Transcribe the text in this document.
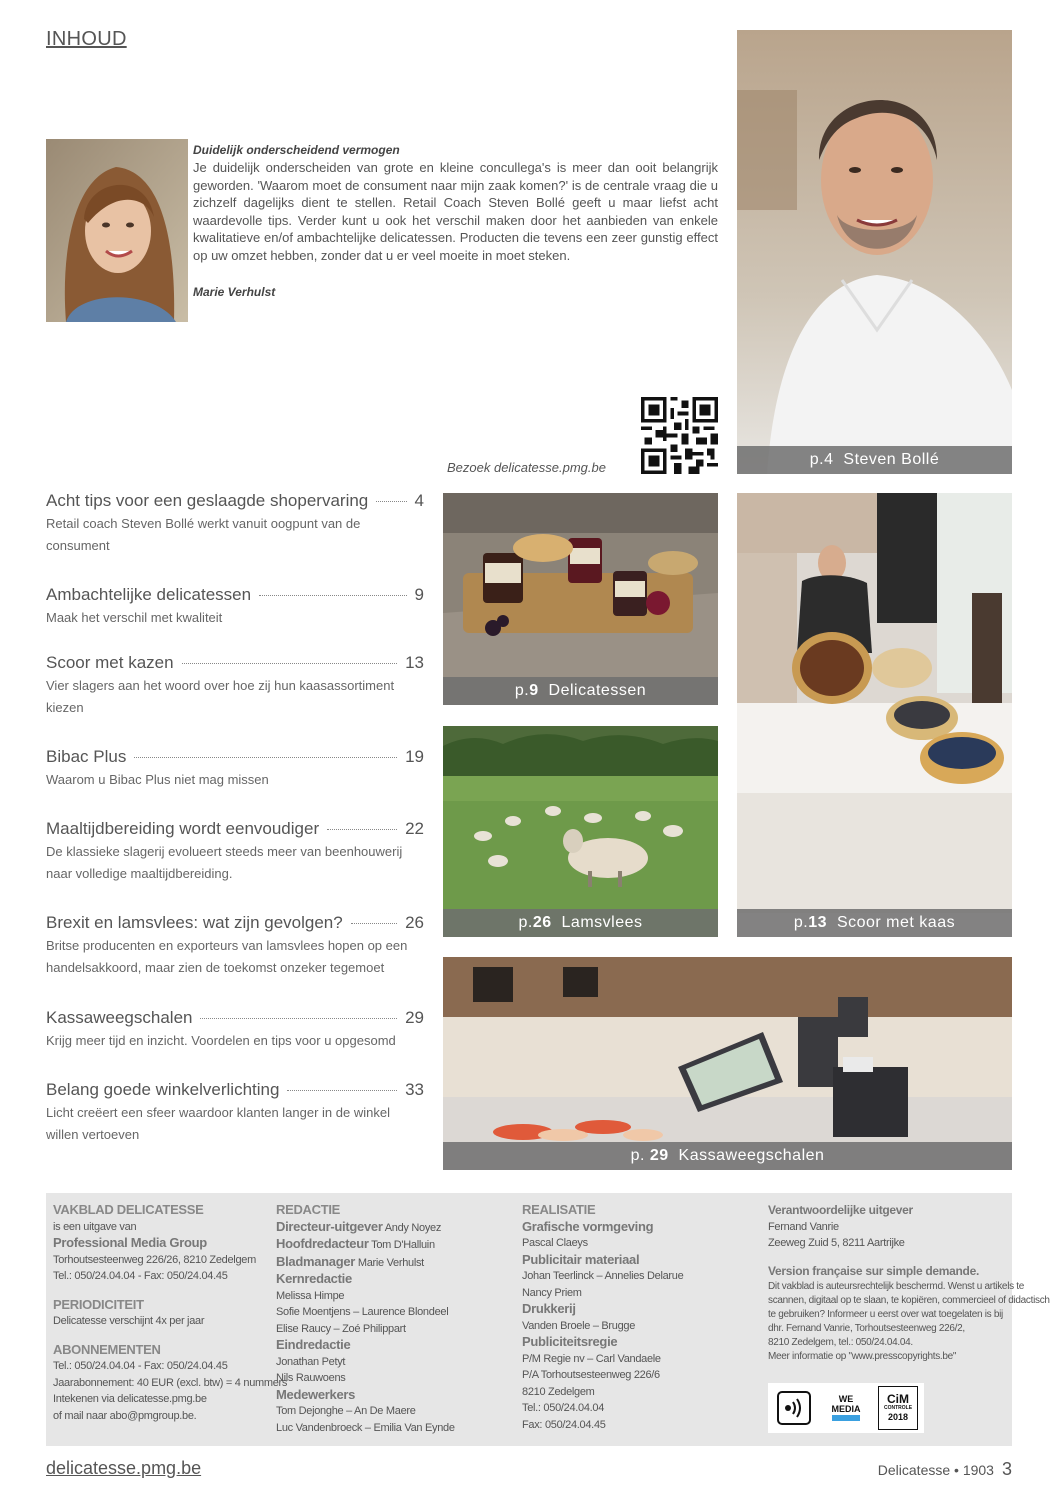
INHOUD
Duidelijk onderscheidend vermogen
Je duidelijk onderscheiden van grote en kleine concullega's is meer dan ooit belangrijk geworden. 'Waarom moet de consument naar mijn zaak komen?' is de centrale vraag die u zichzelf dagelijks dient te stellen. Retail Coach Steven Bollé geeft u maar liefst acht waardevolle tips. Verder kunt u ook het verschil maken door het aanbieden van enkele kwalitatieve en/of ambachtelijke delicatessen. Producten die tevens een zeer gunstig effect op uw omzet hebben, zonder dat u er veel moeite in moet steken.
Marie Verhulst
Bezoek delicatesse.pmg.be	p.4 Steven Bollé
p.9 Delicatessen
p.13 Scoor met kaas
p.26 Lamsvlees
p. 29 Kassaweegschalen
Acht tips voor een geslaagde shopervaring	4
Retail coach Steven Bollé werkt vanuit oogpunt van de consument
Ambachtelijke delicatessen	9
Maak het verschil met kwaliteit
Scoor met kazen	13
Vier slagers aan het woord over hoe zij hun kaasassortiment kiezen
Bibac Plus	19
Waarom u Bibac Plus niet mag missen
Maaltijdbereiding wordt eenvoudiger	22
De klassieke slagerij evolueert steeds meer van beenhouwerij naar volledige maaltijdbereiding.
Brexit en lamsvlees: wat zijn gevolgen?	26
Britse producenten en exporteurs van lamsvlees hopen op een handelsakkoord, maar zien de toekomst onzeker tegemoet
Kassaweegschalen	29
Krijg meer tijd en inzicht. Voordelen en tips voor u opgesomd
Belang goede winkelverlichting	33
Licht creëert een sfeer waardoor klanten langer in de winkel willen vertoeven

VAKBLAD DELICATESSE

is een uitgave van

Professional Media Group

Torhoutsesteenweg 226/26, 8210 Zedelgem

Tel.: 050/24.04.04 - Fax: 050/24.04.45

PERIODICITEIT

Delicatesse verschijnt 4x per jaar

ABONNEMENTEN

Tel.: 050/24.04.04 - Fax: 050/24.04.45

Jaarabonnement: 40 EUR (excl. btw) = 4 nummers

Intekenen via delicatesse.pmg.be

of mail naar abo@pmgroup.be.

REDACTIE

Directeur-uitgever Andy Noyez

Hoofdredacteur Tom D'Halluin

Bladmanager Marie Verhulst

Kernredactie

Melissa Himpe

Sofie Moentjens – Laurence Blondeel

Elise Raucy – Zoé Philippart

Eindredactie

Jonathan Petyt

Nils Rauwoens

Medewerkers

Tom Dejonghe – An De Maere

Luc Vandenbroeck – Emilia Van Eynde

REALISATIE

Grafische vormgeving

Pascal Claeys

Publicitair materiaal

Johan Teerlinck – Annelies Delarue

Nancy Priem

Drukkerij

Vanden Broele – Brugge

Publiciteitsregie

P/M Regie nv – Carl Vandaele

P/A Torhoutsesteenweg 226/6

8210 Zedelgem

Tel.: 050/24.04.04

Fax: 050/24.04.45

Verantwoordelijke uitgever

Fernand Vanrie

Zeeweg Zuid 5, 8211 Aartrijke

Version française sur simple demande.

Dit vakblad is auteursrechtelijk beschermd. Wenst u artikels te

scannen, digitaal op te slaan, te kopiëren, commercieel of didactisch

te gebruiken? Informeer u eerst over wat toegelaten is bij

dhr. Fernand Vanrie, Torhoutsesteenweg 226/2,

8210 Zedelgem, tel.: 050/24.04.04.

Meer informatie op "www.presscopyrights.be"

WE
MEDIA
CiM
CONTROLE
2018
delicatesse.pmg.be	Delicatesse • 1903 3
